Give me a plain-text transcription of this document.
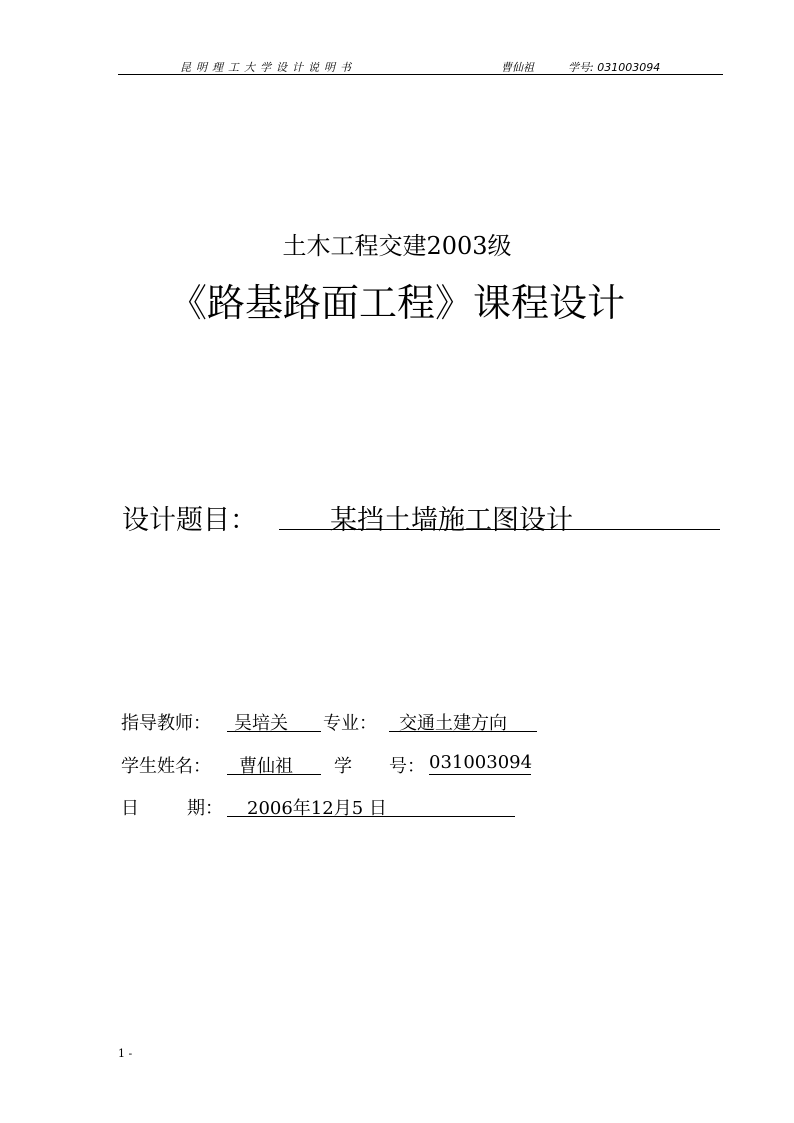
昆明理工大学设计说明书	曹仙祖	学号: 031003094
土木工程交建2003级
《路基路面工程》课程设计
设计题目：	某挡土墙施工图设计
指导教师：
吴培关 专业：
交通土建方向
学生姓名：
曹仙祖 学 号：
031003094
日	期：
2006年12月5 日
1 -
